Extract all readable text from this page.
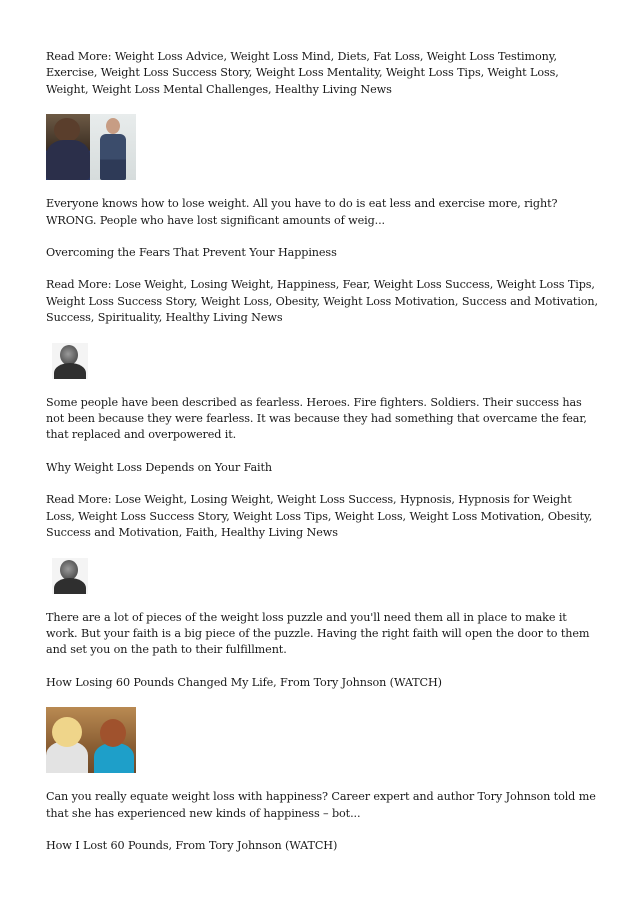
Read More: Weight Loss Advice, Weight Loss Mind, Diets, Fat Loss, Weight Loss Testimony, Exercise, Weight Loss Success Story, Weight Loss Mentality, Weight Loss Tips, Weight Loss, Weight, Weight Loss Mental Challenges, Healthy Living News

Everyone knows how to lose weight. All you have to do is eat less and exercise more, right? WRONG. People who have lost significant amounts of weig...

Overcoming the Fears That Prevent Your Happiness

Read More: Lose Weight, Losing Weight, Happiness, Fear, Weight Loss Success, Weight Loss Tips, Weight Loss Success Story, Weight Loss, Obesity, Weight Loss Motivation, Success and Motivation, Success, Spirituality, Healthy Living News

Some people have been described as fearless. Heroes. Fire fighters. Soldiers. Their success has not been because they were fearless. It was because they had something that overcame the fear, that replaced and overpowered it.

Why Weight Loss Depends on Your Faith

Read More: Lose Weight, Losing Weight, Weight Loss Success, Hypnosis, Hypnosis for Weight Loss, Weight Loss Success Story, Weight Loss Tips, Weight Loss, Weight Loss Motivation, Obesity, Success and Motivation, Faith, Healthy Living News

There are a lot of pieces of the weight loss puzzle and you'll need them all in place to make it work. But your faith is a big piece of the puzzle. Having the right faith will open the door to them and set you on the path to their fulfillment.

How Losing 60 Pounds Changed My Life, From Tory Johnson (WATCH)

Can you really equate weight loss with happiness? Career expert and author Tory Johnson told me that she has experienced new kinds of happiness – bot...

How I Lost 60 Pounds, From Tory Johnson (WATCH)
